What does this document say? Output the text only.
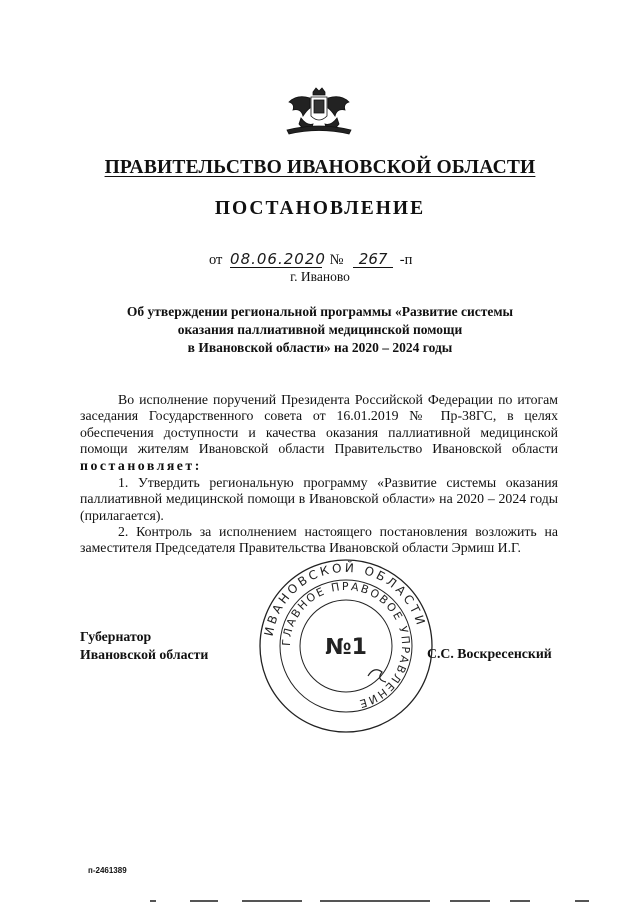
ПРАВИТЕЛЬСТВО ИВАНОВСКОЙ ОБЛАСТИ
ПОСТАНОВЛЕНИЕ
от 08.06.2020 № 267 -п
г. Иваново
Об утверждении региональной программы «Развитие системы
оказания паллиативной медицинской помощи
в Ивановской области» на 2020 – 2024 годы
Во исполнение поручений Президента Российской Федерации по итогам заседания Государственного совета от 16.01.2019 № Пр-38ГС, в целях обеспечения доступности и качества оказания паллиативной медицинской помощи жителям Ивановской области Правительство Ивановской области постановляет:
1. Утвердить региональную программу «Развитие системы оказания паллиативной медицинской помощи в Ивановской области» на 2020 – 2024 годы (прилагается).
2. Контроль за исполнением настоящего постановления возложить на заместителя Председателя Правительства Ивановской области Эрмиш И.Г.
Губернатор
Ивановской области	С.С. Воскресенский
ИВАНОВСКОЙ ОБЛАСТИ
ГЛАВНОЕ ПРАВОВОЕ УПРАВЛЕНИЕ
№1
п-2461389
